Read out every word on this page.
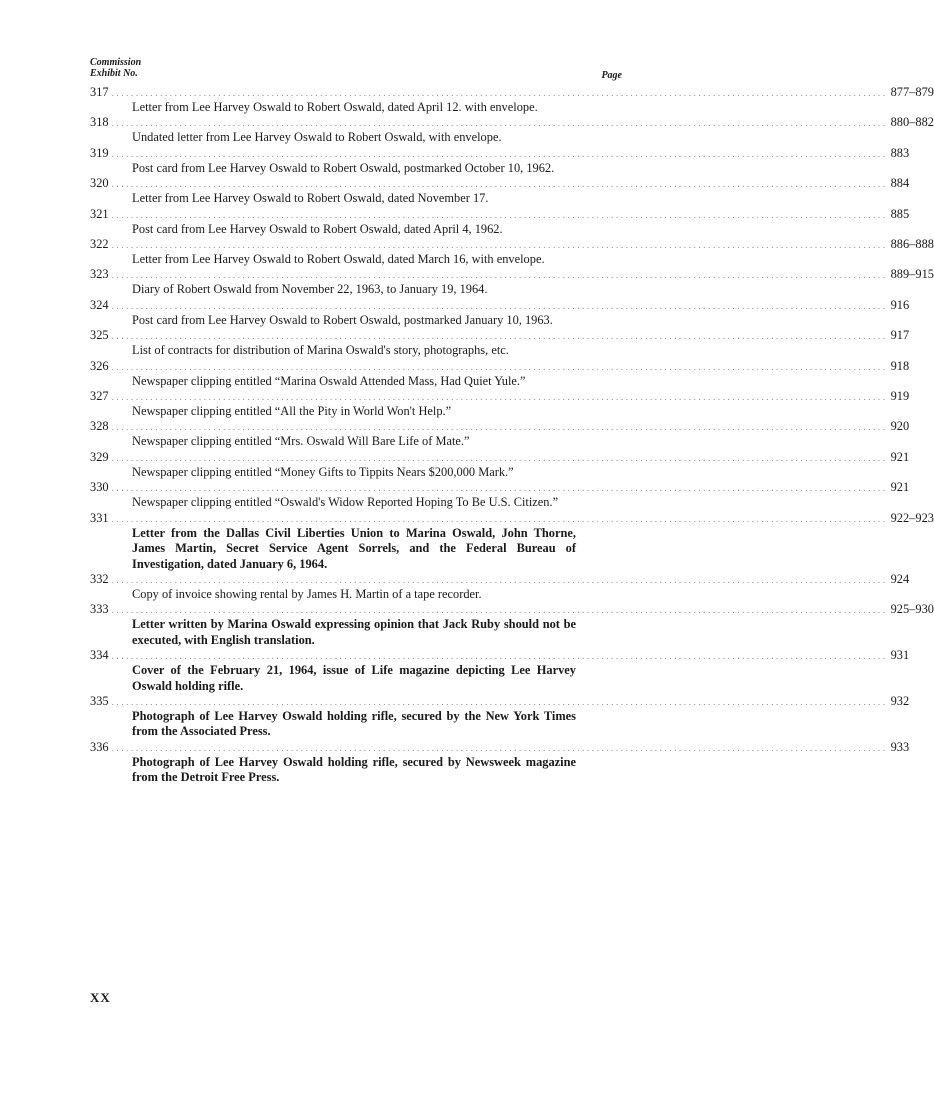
Commission
Exhibit No.	Page
317 ................................................................................................................................................................ 877–879
Letter from Lee Harvey Oswald to Robert Oswald, dated April 12. with envelope.
318 ................................................................................................................................................................ 880–882
Undated letter from Lee Harvey Oswald to Robert Oswald, with envelope.
319 ................................................................................................................................................................ 883
Post card from Lee Harvey Oswald to Robert Oswald, postmarked October 10, 1962.
320 ................................................................................................................................................................ 884
Letter from Lee Harvey Oswald to Robert Oswald, dated November 17.
321 ................................................................................................................................................................ 885
Post card from Lee Harvey Oswald to Robert Oswald, dated April 4, 1962.
322 ................................................................................................................................................................ 886–888
Letter from Lee Harvey Oswald to Robert Oswald, dated March 16, with envelope.
323 ................................................................................................................................................................ 889–915
Diary of Robert Oswald from November 22, 1963, to January 19, 1964.
324 ................................................................................................................................................................ 916
Post card from Lee Harvey Oswald to Robert Oswald, postmarked January 10, 1963.
325 ................................................................................................................................................................ 917
List of contracts for distribution of Marina Oswald's story, photographs, etc.
326 ................................................................................................................................................................ 918
Newspaper clipping entitled “Marina Oswald Attended Mass, Had Quiet Yule.”
327 ................................................................................................................................................................ 919
Newspaper clipping entitled “All the Pity in World Won't Help.”
328 ................................................................................................................................................................ 920
Newspaper clipping entitled “Mrs. Oswald Will Bare Life of Mate.”
329 ................................................................................................................................................................ 921
Newspaper clipping entitled “Money Gifts to Tippits Nears $200,000 Mark.”
330 ................................................................................................................................................................ 921
Newspaper clipping entitled “Oswald's Widow Reported Hoping To Be U.S. Citizen.”
331 ................................................................................................................................................................ 922–923
Letter from the Dallas Civil Liberties Union to Marina Oswald, John Thorne, James Martin, Secret Service Agent Sorrels, and the Federal Bureau of Investigation, dated January 6, 1964.
332 ................................................................................................................................................................ 924
Copy of invoice showing rental by James H. Martin of a tape recorder.
333 ................................................................................................................................................................ 925–930
Letter written by Marina Oswald expressing opinion that Jack Ruby should not be executed, with English translation.
334 ................................................................................................................................................................ 931
Cover of the February 21, 1964, issue of Life magazine depicting Lee Harvey Oswald holding rifle.
335 ................................................................................................................................................................ 932
Photograph of Lee Harvey Oswald holding rifle, secured by the New York Times from the Associated Press.
336 ................................................................................................................................................................ 933
Photograph of Lee Harvey Oswald holding rifle, secured by Newsweek magazine from the Detroit Free Press.
XX
